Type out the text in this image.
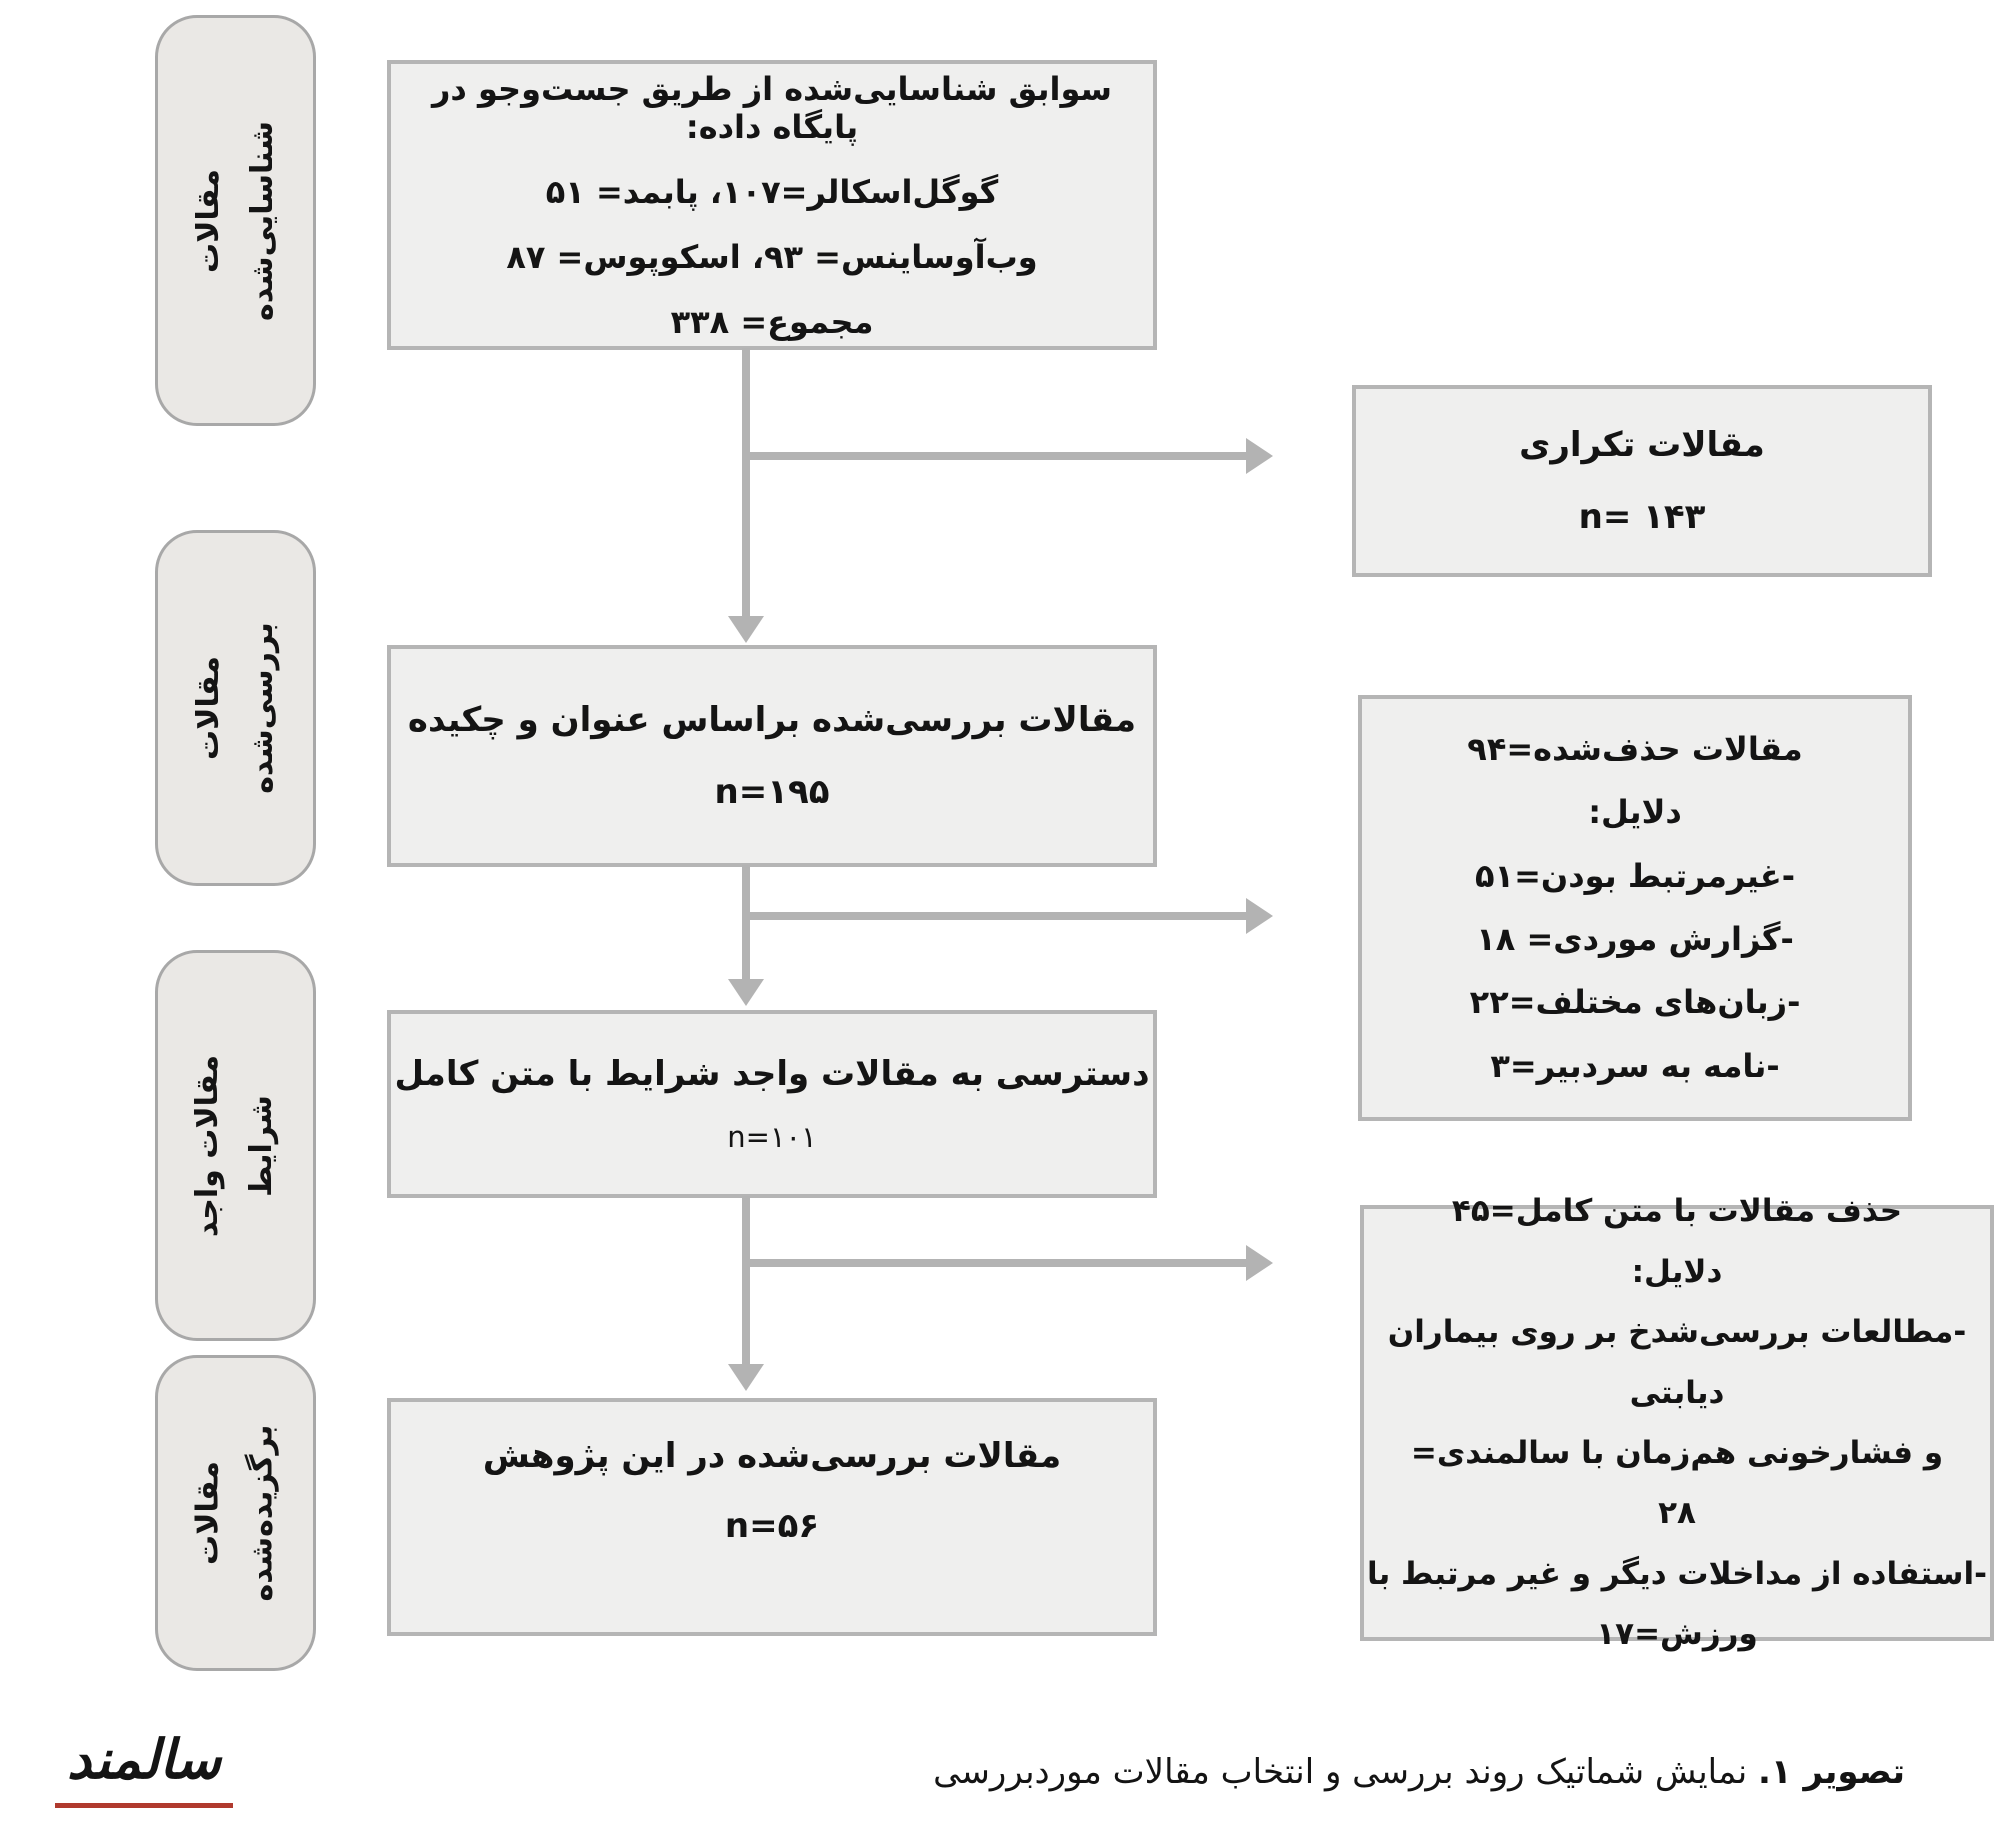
مقالات شناسایی‌شده
مقالات بررسی‌شده
مقالات واجد شرایط
مقالات برگزیده‌شده
سوابق شناسایی‌شده از طریق جست‌وجو در پایگاه داده:
گوگل‌اسکالر=۱۰۷، پابمد= ۵۱
وب‌آوساینس= ۹۳، اسکوپوس= ۸۷
مجموع= ۳۳۸
مقالات بررسی‌شده براساس عنوان و چکیده
n=۱۹۵
دسترسی به مقالات واجد شرایط با متن کامل
n=۱۰۱
مقالات بررسی‌شده در این پژوهش
n=۵۶
مقالات تکراری
n= ۱۴۳
مقالات حذف‌شده=۹۴
دلایل:
-غیرمرتبط بودن=۵۱
-گزارش موردی= ۱۸
-زبان‌های مختلف=۲۲
-نامه به سردبیر=۳
حذف مقالات با متن کامل=۴۵
دلایل:
-مطالعات بررسی‌شدخ بر روی بیماران دیابتی
و فشارخونی هم‌زمان با سالمندی=
۲۸
-استفاده از مداخلات دیگر و غیر مرتبط با
ورزش=۱۷
تصویر ۱. نمایش شماتیک روند بررسی و انتخاب مقالات موردبررسی
سالمند
